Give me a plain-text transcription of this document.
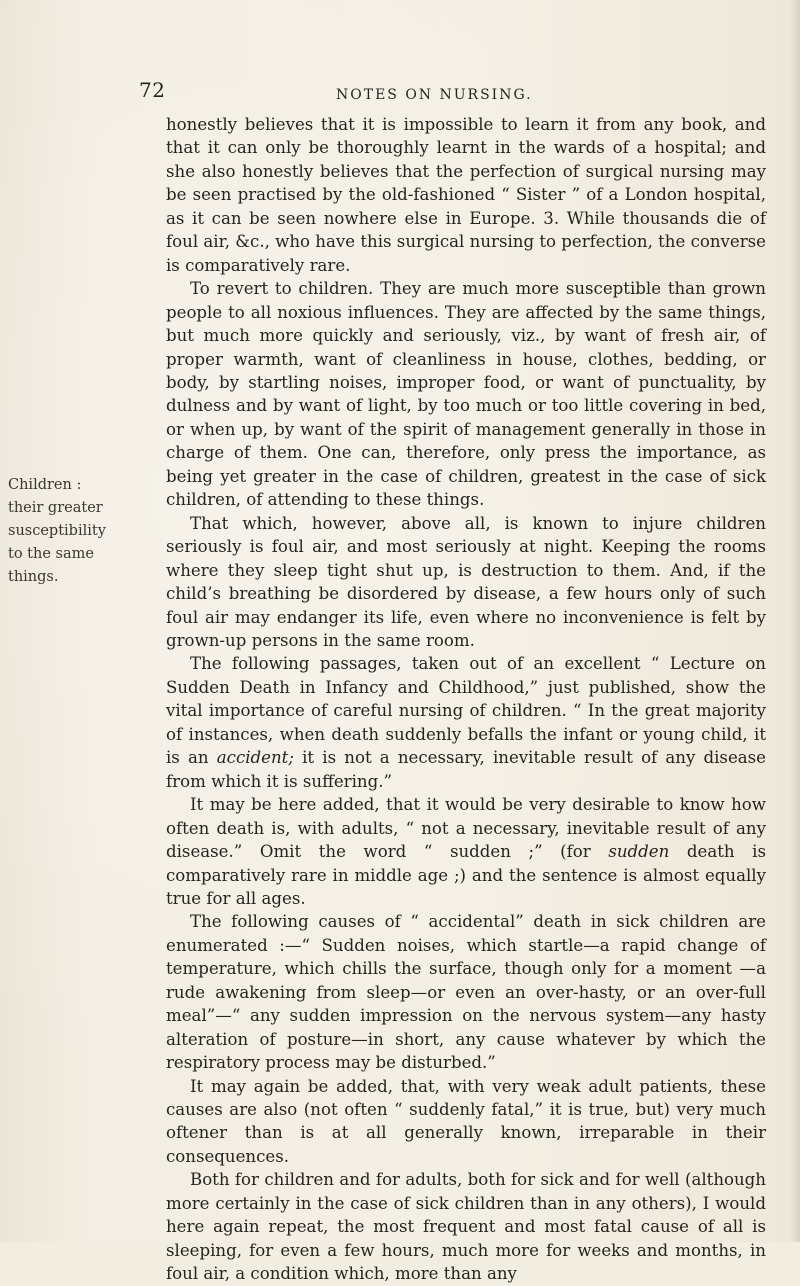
72	NOTES ON NURSING.
Children :
their greater
susceptibility
to the same
things.

honestly believes that it is impossible to learn it from any book, and that it can only be thoroughly learnt in the wards of a hospital; and she also honestly believes that the perfection of surgical nursing may be seen practised by the old-fashioned “ Sister ” of a London hospital, as it can be seen nowhere else in Europe. 3. While thousands die of foul air, &c., who have this surgical nursing to perfection, the converse is comparatively rare.

To revert to children. They are much more susceptible than grown people to all noxious influences. They are affected by the same things, but much more quickly and seriously, viz., by want of fresh air, of proper warmth, want of cleanliness in house, clothes, bedding, or body, by startling noises, improper food, or want of punctuality, by dulness and by want of light, by too much or too little covering in bed, or when up, by want of the spirit of management generally in those in charge of them. One can, therefore, only press the importance, as being yet greater in the case of children, greatest in the case of sick children, of attending to these things.

That which, however, above all, is known to injure children seriously is foul air, and most seriously at night. Keeping the rooms where they sleep tight shut up, is destruction to them. And, if the child’s breathing be disordered by disease, a few hours only of such foul air may endanger its life, even where no inconvenience is felt by grown-up persons in the same room.

The following passages, taken out of an excellent “ Lecture on Sudden Death in Infancy and Childhood,” just published, show the vital importance of careful nursing of children. “ In the great majority of instances, when death suddenly befalls the infant or young child, it is an accident; it is not a necessary, inevitable result of any disease from which it is suffering.”

It may be here added, that it would be very desirable to know how often death is, with adults, “ not a necessary, inevitable result of any disease.” Omit the word “ sudden ;” (for sudden death is comparatively rare in middle age ;) and the sentence is almost equally true for all ages.

The following causes of “ accidental” death in sick children are enumerated :—“ Sudden noises, which startle—a rapid change of temperature, which chills the surface, though only for a moment —a rude awakening from sleep—or even an over-hasty, or an over-full meal”—“ any sudden impression on the nervous system—any hasty alteration of posture—in short, any cause whatever by which the respiratory process may be disturbed.”

It may again be added, that, with very weak adult patients, these causes are also (not often “ suddenly fatal,” it is true, but) very much oftener than is at all generally known, irreparable in their consequences.

Both for children and for adults, both for sick and for well (although more certainly in the case of sick children than in any others), I would here again repeat, the most frequent and most fatal cause of all is sleeping, for even a few hours, much more for weeks and months, in foul air, a condition which, more than any
